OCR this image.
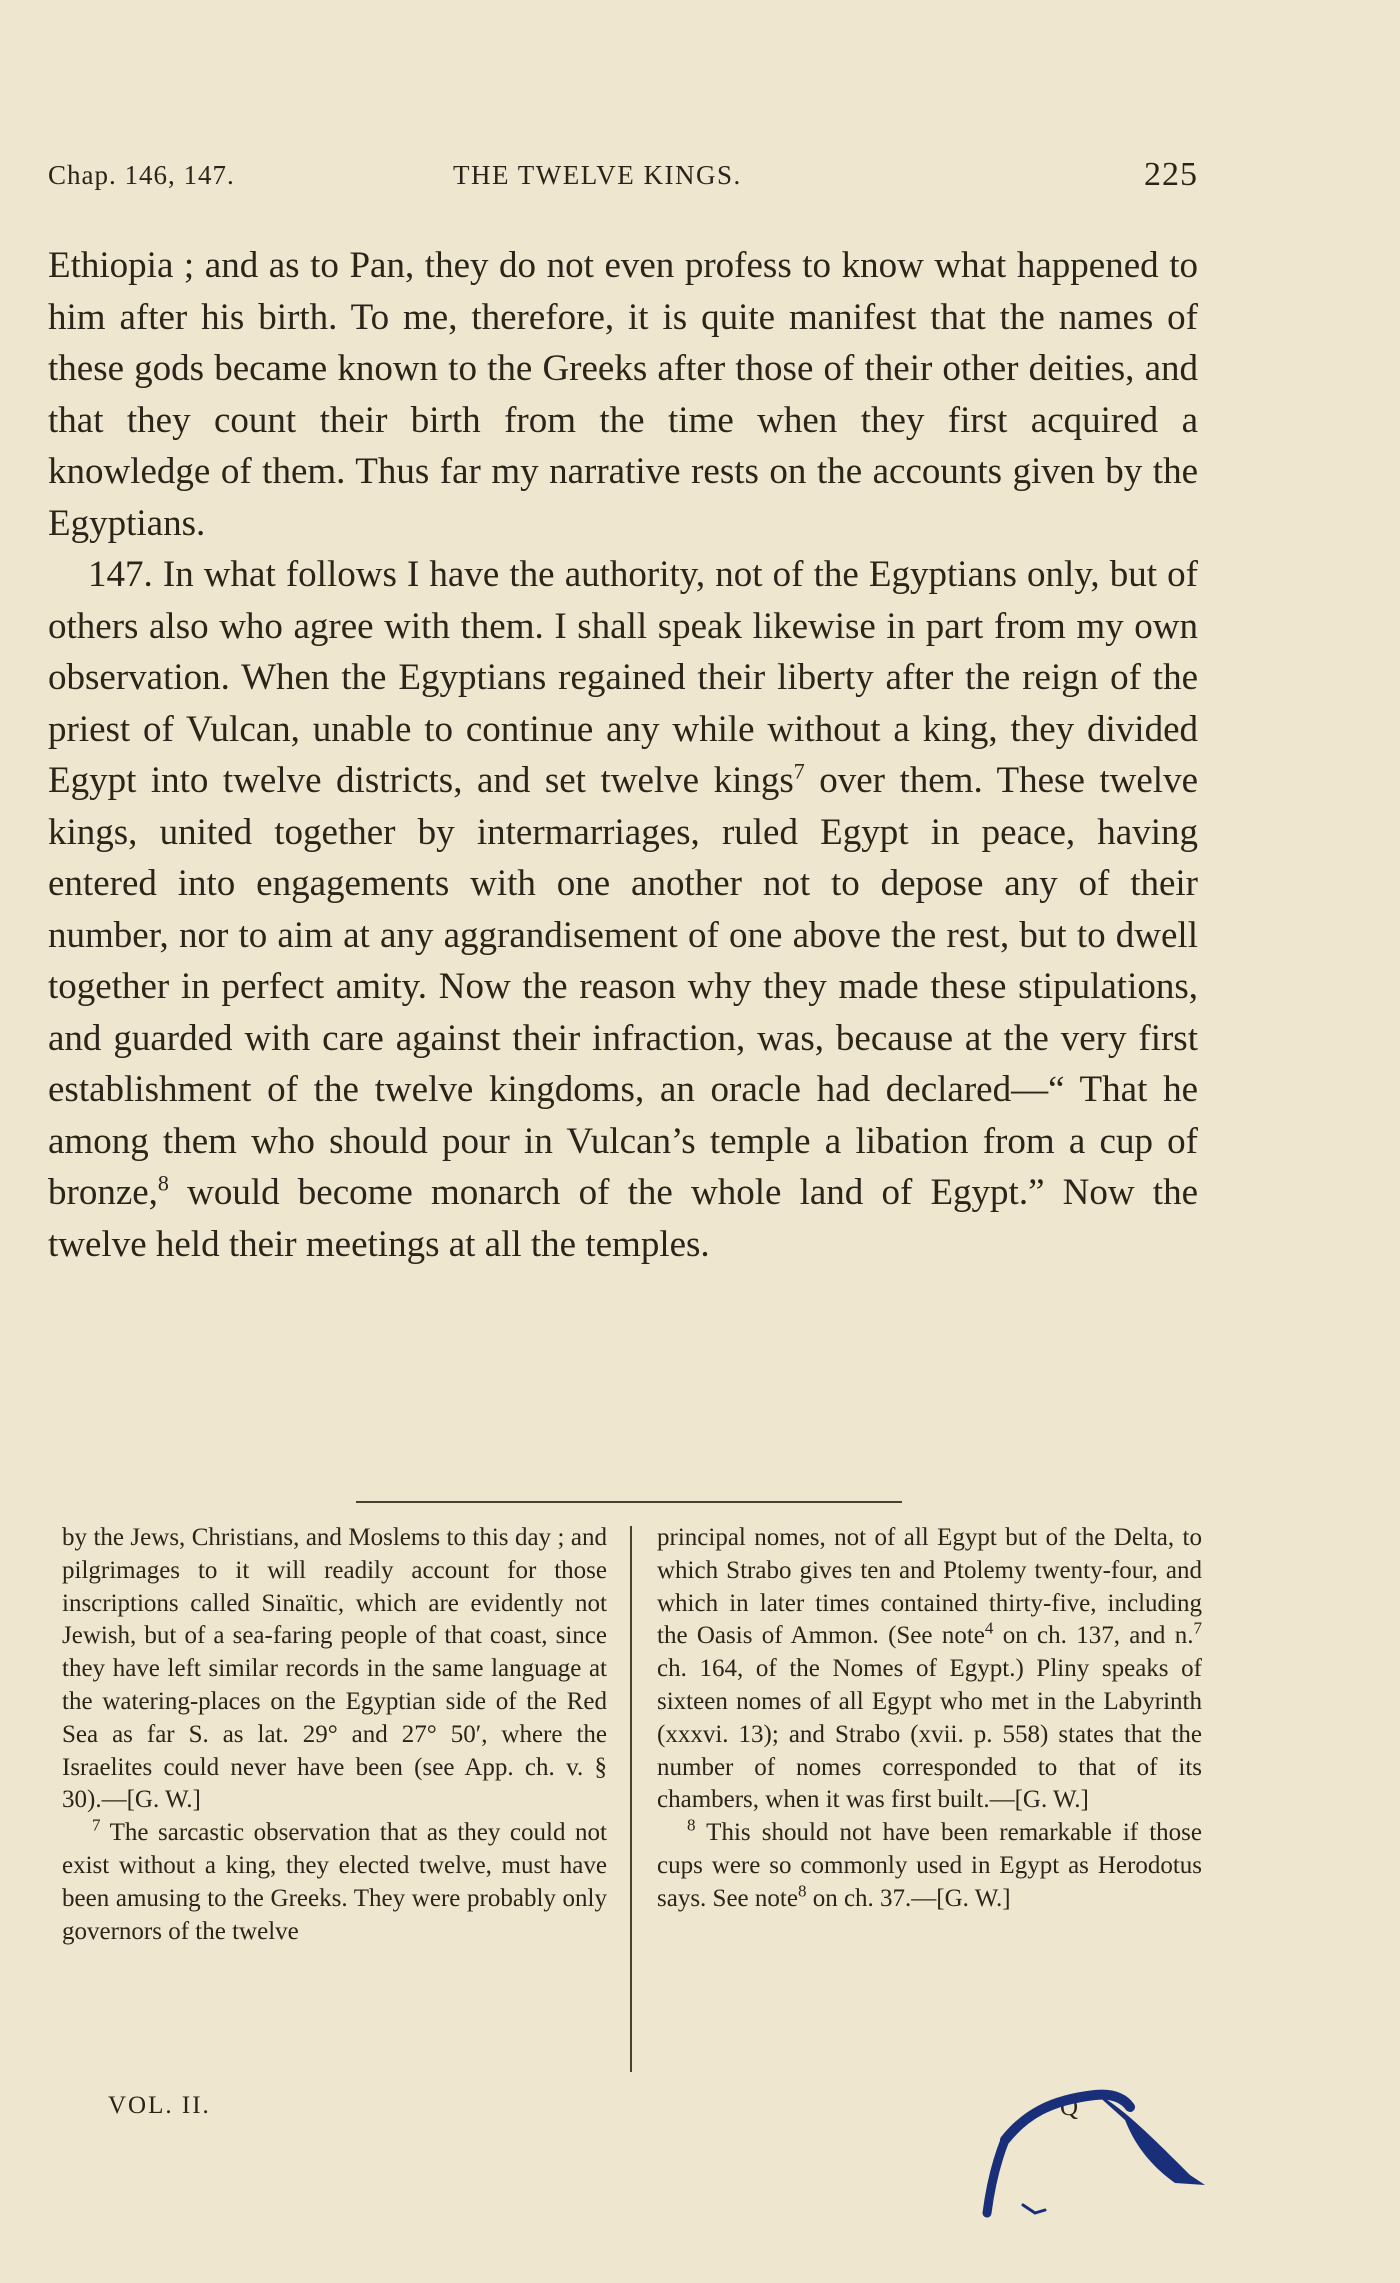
Chap. 146, 147.	THE TWELVE KINGS.	225

Ethiopia ; and as to Pan, they do not even profess to know what happened to him after his birth. To me, therefore, it is quite manifest that the names of these gods became known to the Greeks after those of their other deities, and that they count their birth from the time when they first acquired a knowledge of them. Thus far my narrative rests on the accounts given by the Egyptians.

147. In what follows I have the authority, not of the Egyptians only, but of others also who agree with them. I shall speak likewise in part from my own observation. When the Egyptians regained their liberty after the reign of the priest of Vulcan, unable to continue any while without a king, they divided Egypt into twelve districts, and set twelve kings$^7$ over them. These twelve kings, united together by intermarriages, ruled Egypt in peace, having entered into engagements with one another not to depose any of their number, nor to aim at any aggrandisement of one above the rest, but to dwell together in perfect amity. Now the reason why they made these stipulations, and guarded with care against their infraction, was, because at the very first establishment of the twelve kingdoms, an oracle had declared—“ That he among them who should pour in Vulcan’s temple a libation from a cup of bronze,$^8$ would become monarch of the whole land of Egypt.” Now the twelve held their meetings at all the temples.

by the Jews, Christians, and Moslems to this day ; and pilgrimages to it will readily account for those inscriptions called Sinaïtic, which are evidently not Jewish, but of a sea-faring people of that coast, since they have left similar records in the same language at the watering-places on the Egyptian side of the Red Sea as far S. as lat. 29° and 27° 50′, where the Israelites could never have been (see App. ch. v. § 30).—[G. W.]

$^7$ The sarcastic observation that as they could not exist without a king, they elected twelve, must have been amusing to the Greeks. They were probably only governors of the twelve

principal nomes, not of all Egypt but of the Delta, to which Strabo gives ten and Ptolemy twenty-four, and which in later times contained thirty-five, including the Oasis of Ammon. (See note$^4$ on ch. 137, and n.$^7$ ch. 164, of the Nomes of Egypt.) Pliny speaks of sixteen nomes of all Egypt who met in the Labyrinth (xxxvi. 13); and Strabo (xvii. p. 558) states that the number of nomes corresponded to that of its chambers, when it was first built.—[G. W.]

$^8$ This should not have been remarkable if those cups were so commonly used in Egypt as Herodotus says. See note$^8$ on ch. 37.—[G. W.]

VOL. II.	Q
